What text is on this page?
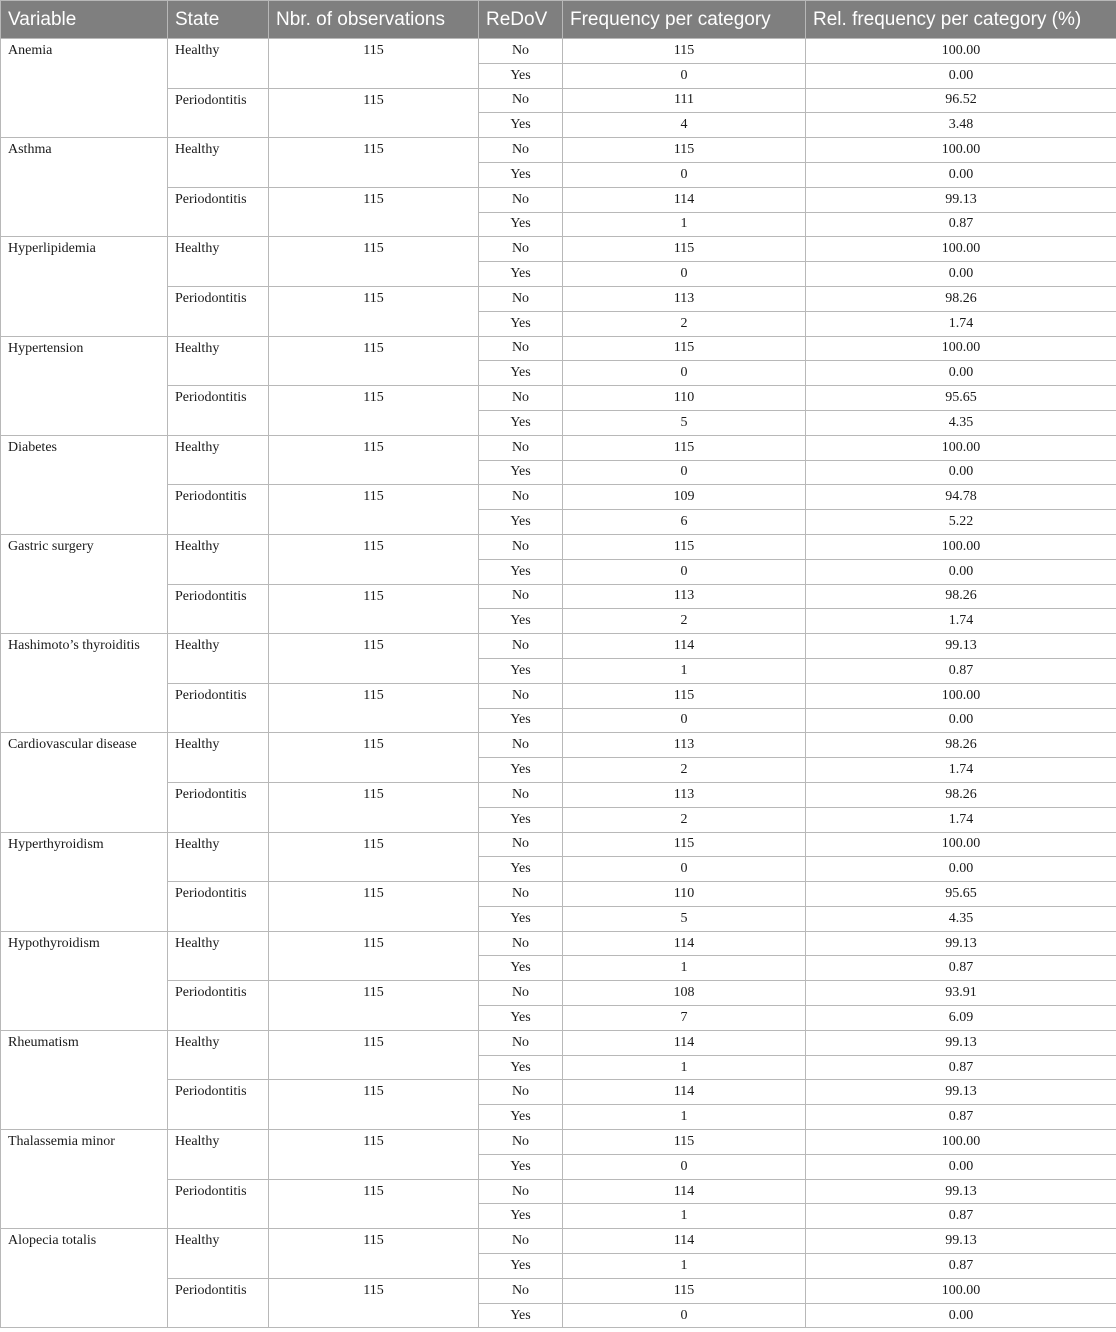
Variable	State	Nbr. of observations	ReDoV	Frequency per category	Rel. frequency per category (%)
Anemia	Healthy	115	No	115	100.00
			Yes	0	0.00
	Periodontitis	115	No	111	96.52
			Yes	4	3.48
Asthma	Healthy	115	No	115	100.00
			Yes	0	0.00
	Periodontitis	115	No	114	99.13
			Yes	1	0.87
Hyperlipidemia	Healthy	115	No	115	100.00
			Yes	0	0.00
	Periodontitis	115	No	113	98.26
			Yes	2	1.74
Hypertension	Healthy	115	No	115	100.00
			Yes	0	0.00
	Periodontitis	115	No	110	95.65
			Yes	5	4.35
Diabetes	Healthy	115	No	115	100.00
			Yes	0	0.00
	Periodontitis	115	No	109	94.78
			Yes	6	5.22
Gastric surgery	Healthy	115	No	115	100.00
			Yes	0	0.00
	Periodontitis	115	No	113	98.26
			Yes	2	1.74
Hashimoto’s thyroiditis	Healthy	115	No	114	99.13
			Yes	1	0.87
	Periodontitis	115	No	115	100.00
			Yes	0	0.00
Cardiovascular disease	Healthy	115	No	113	98.26
			Yes	2	1.74
	Periodontitis	115	No	113	98.26
			Yes	2	1.74
Hyperthyroidism	Healthy	115	No	115	100.00
			Yes	0	0.00
	Periodontitis	115	No	110	95.65
			Yes	5	4.35
Hypothyroidism	Healthy	115	No	114	99.13
			Yes	1	0.87
	Periodontitis	115	No	108	93.91
			Yes	7	6.09
Rheumatism	Healthy	115	No	114	99.13
			Yes	1	0.87
	Periodontitis	115	No	114	99.13
			Yes	1	0.87
Thalassemia minor	Healthy	115	No	115	100.00
			Yes	0	0.00
	Periodontitis	115	No	114	99.13
			Yes	1	0.87
Alopecia totalis	Healthy	115	No	114	99.13
			Yes	1	0.87
	Periodontitis	115	No	115	100.00
			Yes	0	0.00
